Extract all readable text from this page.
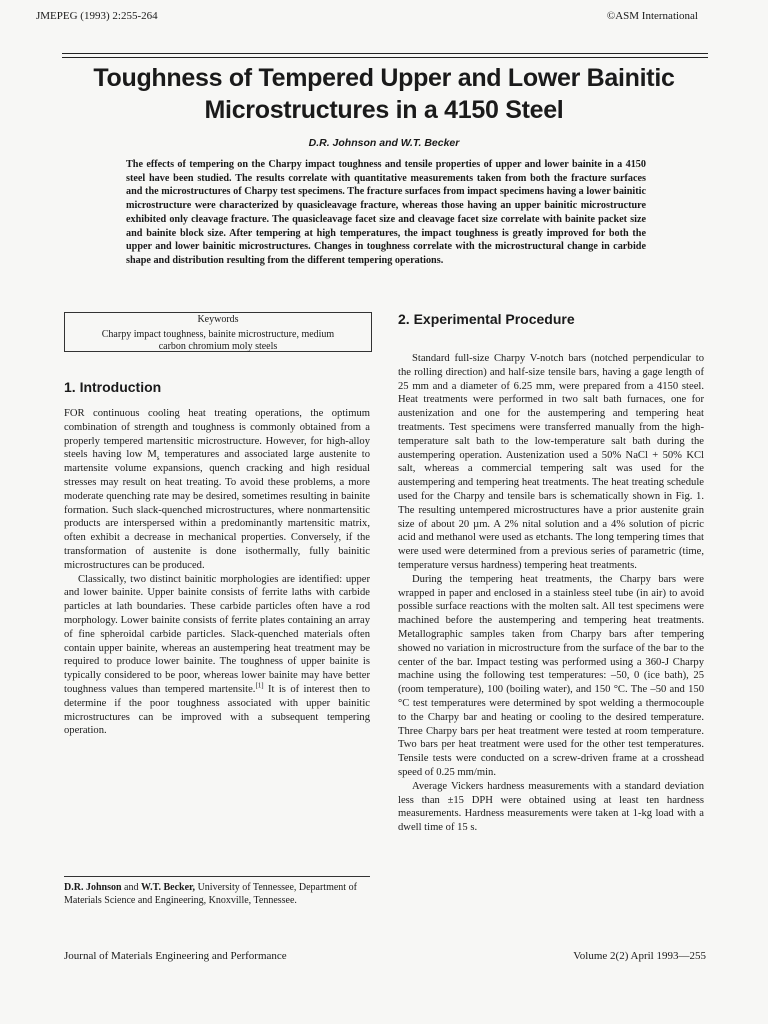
JMEPEG (1993) 2:255-264	©ASM International
Toughness of Tempered Upper and Lower Bainitic
Microstructures in a 4150 Steel
D.R. Johnson and W.T. Becker

The effects of tempering on the Charpy impact toughness and tensile properties of upper and lower bainite in a 4150 steel have been studied. The results correlate with quantitative measurements taken from both the fracture surfaces and the microstructures of Charpy test specimens. The fracture surfaces from impact specimens having a lower bainitic microstructure were characterized by quasicleavage fracture, whereas those having an upper bainitic microstructure exhibited only cleavage fracture. The quasicleavage facet size and cleavage facet size correlate with bainite packet size and bainite block size. After tempering at high temperatures, the impact toughness is greatly improved for both the upper and lower bainitic microstructures. Changes in toughness correlate with the microstructural change in carbide shape and distribution resulting from the different tempering operations.

Keywords
Charpy impact toughness, bainite microstructure, medium carbon chromium moly steels
1. Introduction

FOR continuous cooling heat treating operations, the optimum combination of strength and toughness is commonly obtained from a properly tempered martensitic microstructure. However, for high-alloy steels having low $M_s$ temperatures and associated large austenite to martensite volume expansions, quench cracking and high residual stresses may result on heat treating. To avoid these problems, a more moderate quenching rate may be desired, sometimes resulting in bainite formation. Such slack-quenched microstructures, where nonmartensitic products are interspersed within a predominantly martensitic matrix, often exhibit a decrease in mechanical properties. Conversely, if the transformation of austenite is done isothermally, fully bainitic microstructures can be produced.

Classically, two distinct bainitic morphologies are identified: upper and lower bainite. Upper bainite consists of ferrite laths with carbide particles at lath boundaries. These carbide particles often have a rod morphology. Lower bainite consists of ferrite plates containing an array of fine spheroidal carbide particles. Slack-quenched materials often contain upper bainite, whereas an austempering heat treatment may be required to produce lower bainite. The toughness of upper bainite is typically considered to be poor, whereas lower bainite may have better toughness values than tempered martensite.[1] It is of interest then to determine if the poor toughness associated with upper bainitic microstructures can be improved with a subsequent tempering operation.

D.R. Johnson and W.T. Becker, University of Tennessee, Department of Materials Science and Engineering, Knoxville, Tennessee.
2. Experimental Procedure

Standard full-size Charpy V-notch bars (notched perpendicular to the rolling direction) and half-size tensile bars, having a gage length of 25 mm and a diameter of 6.25 mm, were prepared from a 4150 steel. Heat treatments were performed in two salt bath furnaces, one for austenization and one for the austempering and tempering heat treatments. Test specimens were transferred manually from the high-temperature salt bath to the low-temperature salt bath during the austempering operation. Austenization used a 50% NaCl + 50% KCl salt, whereas a commercial tempering salt was used for the austempering and tempering heat treatments. The heat treating schedule used for the Charpy and tensile bars is schematically shown in Fig. 1. The resulting untempered microstructures have a prior austenite grain size of about 20 µm. A 2% nital solution and a 4% solution of picric acid and methanol were used as etchants. The long tempering times that were used were determined from a previous series of parametric (time, temperature versus hardness) tempering heat treatments.

During the tempering heat treatments, the Charpy bars were wrapped in paper and enclosed in a stainless steel tube (in air) to avoid possible surface reactions with the molten salt. All test specimens were machined before the austempering and tempering heat treatments. Metallographic samples taken from Charpy bars after tempering showed no variation in microstructure from the surface of the bar to the center of the bar. Impact testing was performed using a 360-J Charpy machine using the following test temperatures: –50, 0 (ice bath), 25 (room temperature), 100 (boiling water), and 150 °C. The –50 and 150 °C test temperatures were determined by spot welding a thermocouple to the Charpy bar and heating or cooling to the desired temperature. Three Charpy bars per heat treatment were tested at room temperature. Two bars per heat treatment were used for the other test temperatures. Tensile tests were conducted on a screw-driven frame at a crosshead speed of 0.25 mm/min.

Average Vickers hardness measurements with a standard deviation less than ±15 DPH were obtained using at least ten hardness measurements. Hardness measurements were taken at 1-kg load with a dwell time of 15 s.

Journal of Materials Engineering and Performance	Volume 2(2) April 1993—255
